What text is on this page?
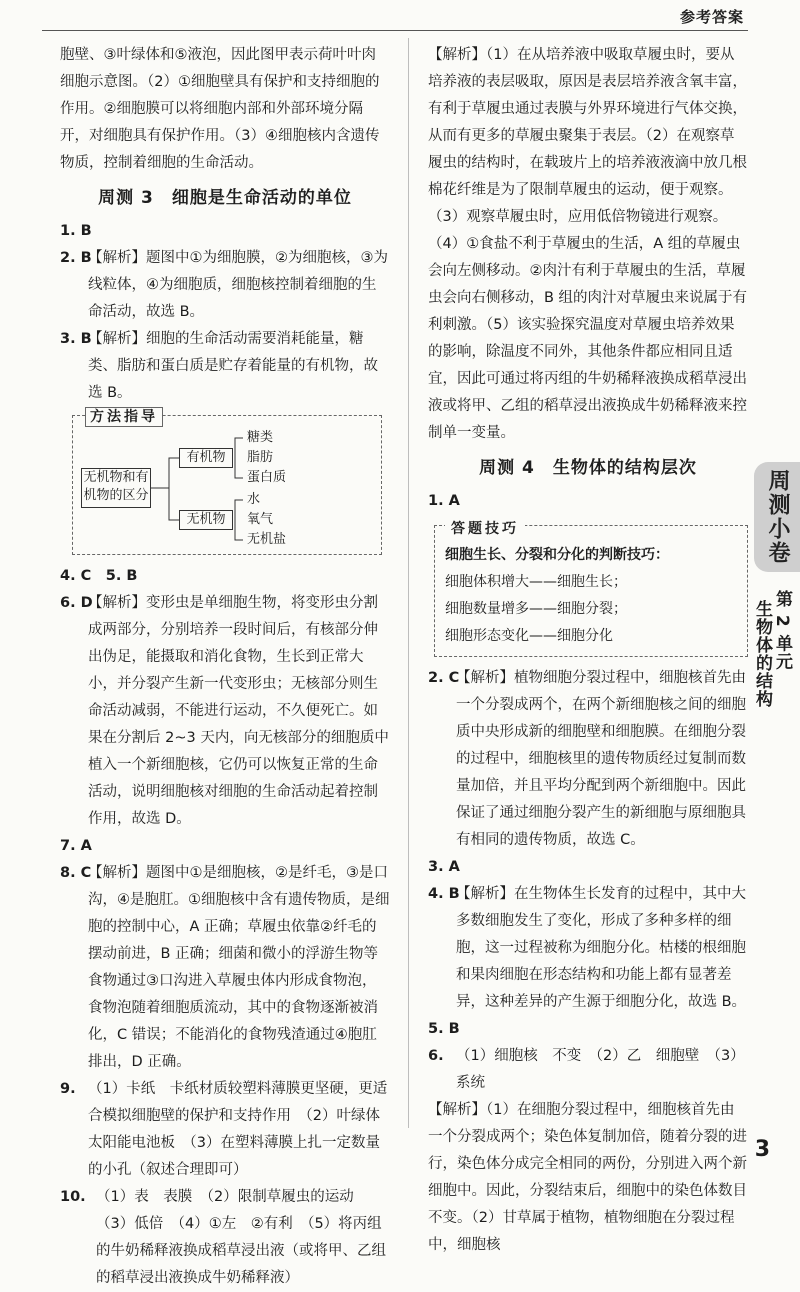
参考答案

胞壁、③叶绿体和⑤液泡，因此图甲表示荷叶叶肉细胞示意图。（2）①细胞壁具有保护和支持细胞的作用。②细胞膜可以将细胞内部和外部环境分隔开，对细胞具有保护作用。（3）④细胞核内含遗传物质，控制着细胞的生命活动。

周测 3　细胞是生命活动的单位

1. B

2. B
【解析】题图中①为细胞膜，②为细胞核，③为线粒体，④为细胞质，细胞核控制着细胞的生命活动，故选 B。
3. B
【解析】细胞的生命活动需要消耗能量，糖类、脂肪和蛋白质是贮存着能量的有机物，故选 B。
方法指导
无机物和有机物的区分
有机物
无机物
糖类
脂肪
蛋白质
水
氧气
无机盐

4. C　5. B

6. D
【解析】变形虫是单细胞生物，将变形虫分割成两部分，分别培养一段时间后，有核部分伸出伪足，能摄取和消化食物，生长到正常大小，并分裂产生新一代变形虫；无核部分则生命活动减弱，不能进行运动，不久便死亡。如果在分割后 2~3 天内，向无核部分的细胞质中植入一个新细胞核，它仍可以恢复正常的生命活动，说明细胞核对细胞的生命活动起着控制作用，故选 D。

7. A

8. C
【解析】题图中①是细胞核，②是纤毛，③是口沟，④是胞肛。①细胞核中含有遗传物质，是细胞的控制中心，A 正确；草履虫依靠②纤毛的摆动前进，B 正确；细菌和微小的浮游生物等食物通过③口沟进入草履虫体内形成食物泡，食物泡随着细胞质流动，其中的食物逐渐被消化，C 错误；不能消化的食物残渣通过④胞肛排出，D 正确。
9. （1）卡纸　卡纸材质较塑料薄膜更坚硬，更适合模拟细胞壁的保护和支持作用　（2）叶绿体　太阳能电池板　（3）在塑料薄膜上扎一定数量的小孔（叙述合理即可）
10. （1）表　表膜　（2）限制草履虫的运动　（3）低倍　（4）①左　②有利　（5）将丙组的牛奶稀释液换成稻草浸出液（或将甲、乙组的稻草浸出液换成牛奶稀释液）

【解析】（1）在从培养液中吸取草履虫时，要从培养液的表层吸取，原因是表层培养液含氧丰富，有利于草履虫通过表膜与外界环境进行气体交换，从而有更多的草履虫聚集于表层。（2）在观察草履虫的结构时，在载玻片上的培养液液滴中放几根棉花纤维是为了限制草履虫的运动，便于观察。（3）观察草履虫时，应用低倍物镜进行观察。（4）①食盐不利于草履虫的生活，A 组的草履虫会向左侧移动。②肉汁有利于草履虫的生活，草履虫会向右侧移动，B 组的肉汁对草履虫来说属于有利刺激。（5）该实验探究温度对草履虫培养效果的影响，除温度不同外，其他条件都应相同且适宜，因此可通过将丙组的牛奶稀释液换成稻草浸出液或将甲、乙组的稻草浸出液换成牛奶稀释液来控制单一变量。

周测 4　生物体的结构层次

1. A

答题技巧

细胞生长、分裂和分化的判断技巧：

细胞体积增大——细胞生长；

细胞数量增多——细胞分裂；

细胞形态变化——细胞分化

2. C
【解析】植物细胞分裂过程中，细胞核首先由一个分裂成两个，在两个新细胞核之间的细胞质中央形成新的细胞壁和细胞膜。在细胞分裂的过程中，细胞核里的遗传物质经过复制而数量加倍，并且平均分配到两个新细胞中。因此保证了通过细胞分裂产生的新细胞与原细胞具有相同的遗传物质，故选 C。

3. A

4. B
【解析】在生物体生长发育的过程中，其中大多数细胞发生了变化，形成了多种多样的细胞，这一过程被称为细胞分化。枯楼的根细胞和果肉细胞在形态结构和功能上都有显著差异，这种差异的产生源于细胞分化，故选 B。

5. B

6. （1）细胞核　不变　（2）乙　细胞壁　（3）系统

【解析】（1）在细胞分裂过程中，细胞核首先由一个分裂成两个；染色体复制加倍，随着分裂的进行，染色体分成完全相同的两份，分别进入两个新细胞中。因此，分裂结束后，细胞中的染色体数目不变。（2）甘草属于植物，植物细胞在分裂过程中，细胞核

周测小卷
第 2 单元
生物体的结构
3
